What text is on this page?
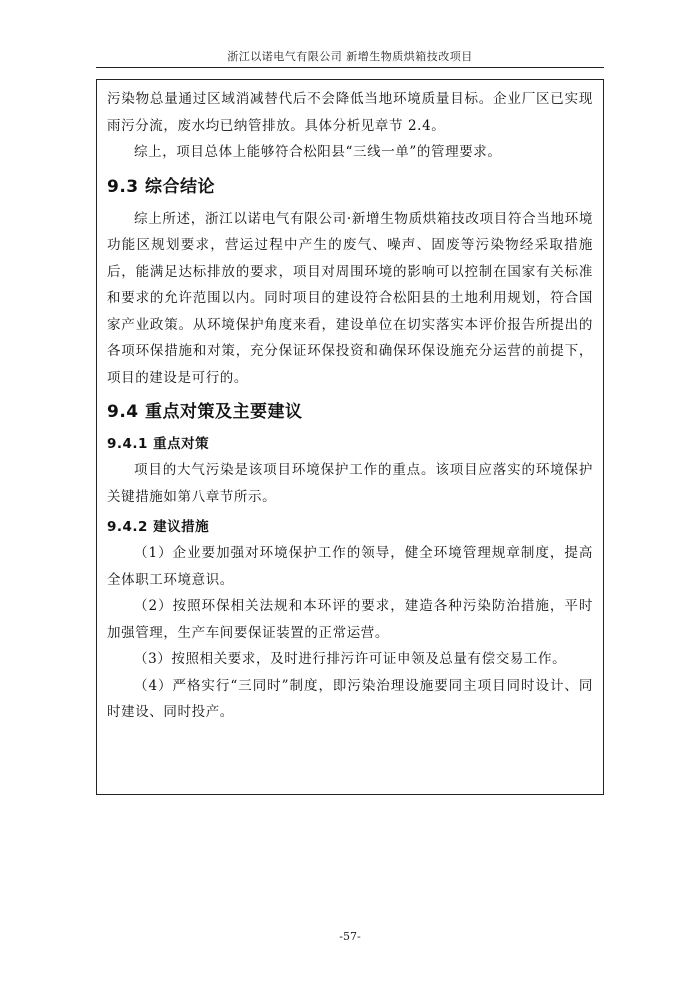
浙江以诺电气有限公司 新增生物质烘箱技改项目

污染物总量通过区域消减替代后不会降低当地环境质量目标。企业厂区已实现雨污分流，废水均已纳管排放。具体分析见章节 2.4。

综上，项目总体上能够符合松阳县“三线一单”的管理要求。

9.3 综合结论

综上所述，浙江以诺电气有限公司·新增生物质烘箱技改项目符合当地环境功能区规划要求，营运过程中产生的废气、噪声、固废等污染物经采取措施后，能满足达标排放的要求，项目对周围环境的影响可以控制在国家有关标准和要求的允许范围以内。同时项目的建设符合松阳县的土地利用规划，符合国家产业政策。从环境保护角度来看，建设单位在切实落实本评价报告所提出的各项环保措施和对策，充分保证环保投资和确保环保设施充分运营的前提下，项目的建设是可行的。

9.4 重点对策及主要建议
9.4.1 重点对策

项目的大气污染是该项目环境保护工作的重点。该项目应落实的环境保护关键措施如第八章节所示。

9.4.2 建议措施

（1）企业要加强对环境保护工作的领导，健全环境管理规章制度，提高全体职工环境意识。

（2）按照环保相关法规和本环评的要求，建造各种污染防治措施，平时加强管理，生产车间要保证装置的正常运营。

（3）按照相关要求，及时进行排污许可证申领及总量有偿交易工作。

（4）严格实行“三同时”制度，即污染治理设施要同主项目同时设计、同时建设、同时投产。

-57-
